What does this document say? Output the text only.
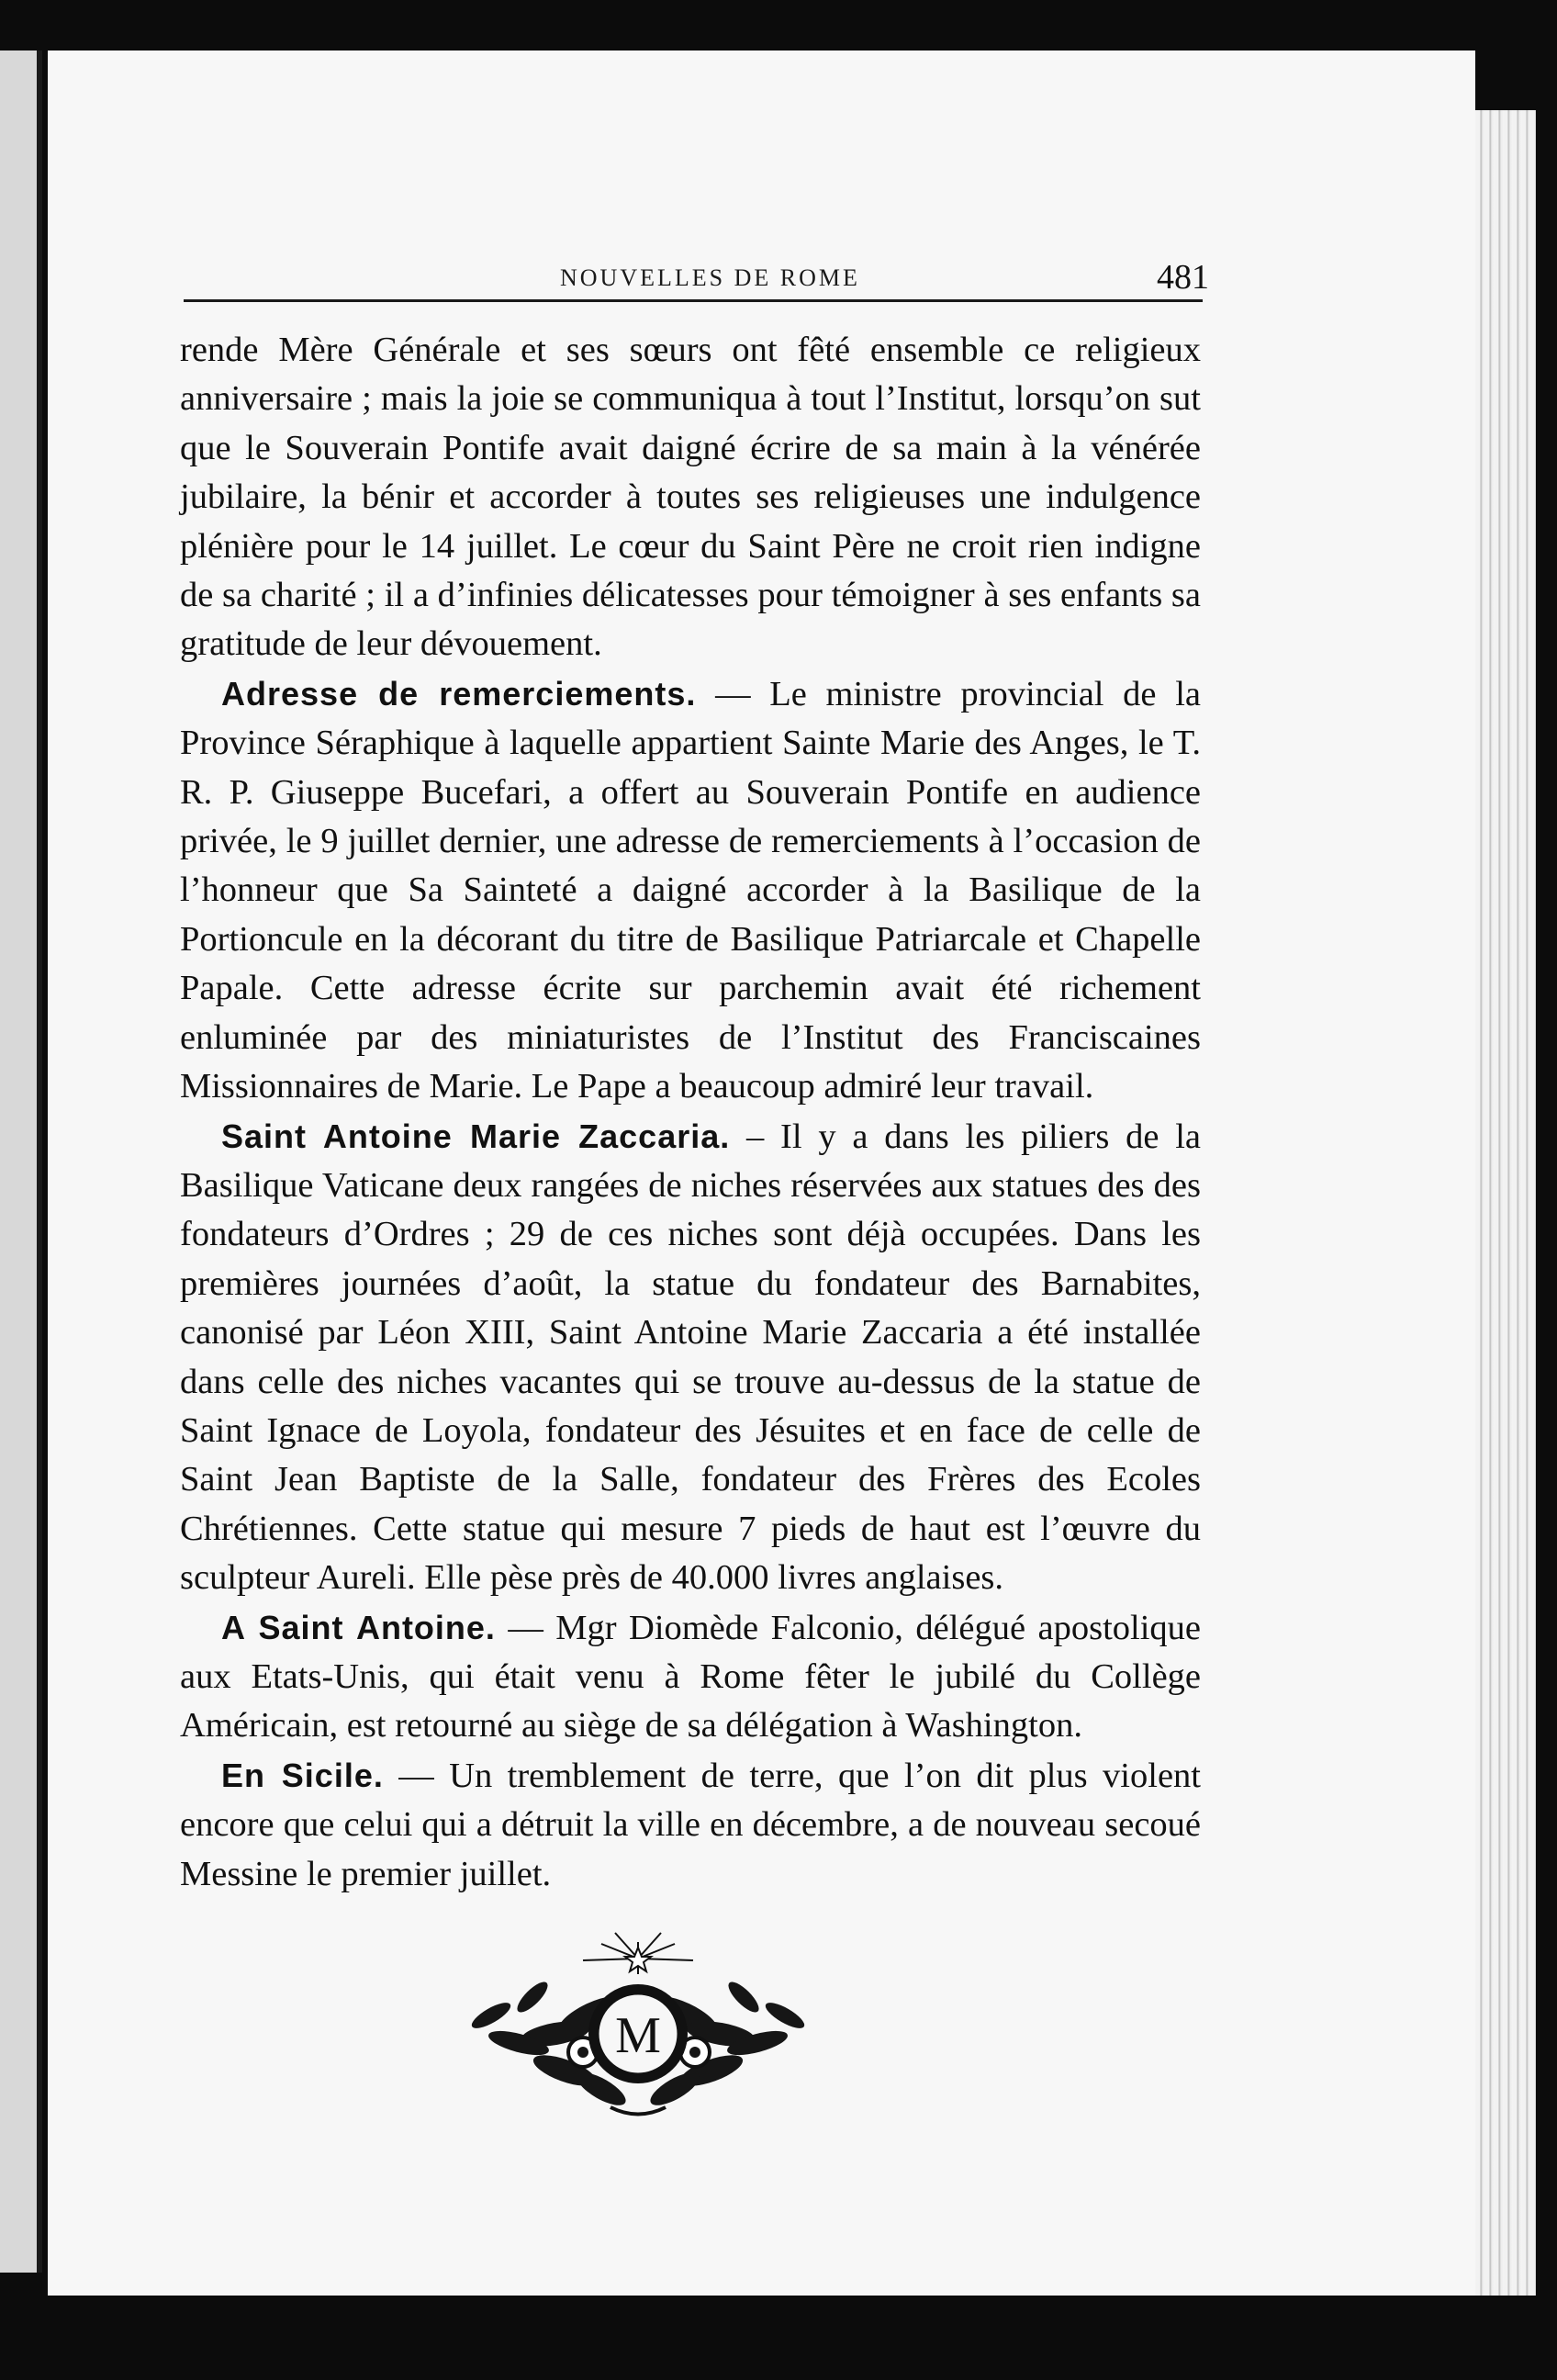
NOUVELLES DE ROME	481

rende Mère Générale et ses sœurs ont fêté ensemble ce religieux anniversaire ; mais la joie se communiqua à tout l’Institut, lorsqu’on sut que le Souverain Pontife avait daigné écrire de sa main à la vénérée jubilaire, la bénir et accorder à toutes ses religieuses une indulgence plénière pour le 14 juillet. Le cœur du Saint Père ne croit rien indigne de sa charité ; il a d’infinies délicatesses pour témoigner à ses enfants sa gratitude de leur dévouement.

Adresse de remerciements. — Le ministre provincial de la Province Séraphique à laquelle appartient Sainte Marie des Anges, le T. R. P. Giuseppe Bucefari, a offert au Souverain Pontife en audience privée, le 9 juillet dernier, une adresse de remerciements à l’occasion de l’honneur que Sa Sainteté a daigné accorder à la Basilique de la Portioncule en la décorant du titre de Basilique Patriarcale et Chapelle Papale. Cette adresse écrite sur parchemin avait été richement enluminée par des miniaturistes de l’Institut des Franciscaines Missionnaires de Marie. Le Pape a beaucoup admiré leur travail.

Saint Antoine Marie Zaccaria. – Il y a dans les piliers de la Basilique Vaticane deux rangées de niches réservées aux statues des des fondateurs d’Ordres ; 29 de ces niches sont déjà occupées. Dans les premières journées d’août, la statue du fondateur des Barnabites, canonisé par Léon XIII, Saint Antoine Marie Zaccaria a été installée dans celle des niches vacantes qui se trouve au-dessus de la statue de Saint Ignace de Loyola, fondateur des Jésuites et en face de celle de Saint Jean Baptiste de la Salle, fondateur des Frères des Ecoles Chrétiennes. Cette statue qui mesure 7 pieds de haut est l’œuvre du sculpteur Aureli. Elle pèse près de 40.000 livres anglaises.

A Saint Antoine. — Mgr Diomède Falconio, délégué apostolique aux Etats-Unis, qui était venu à Rome fêter le jubilé du Collège Américain, est retourné au siège de sa délégation à Washington.

En Sicile. — Un tremblement de terre, que l’on dit plus violent encore que celui qui a détruit la ville en décembre, a de nouveau secoué Messine le premier juillet.

M
